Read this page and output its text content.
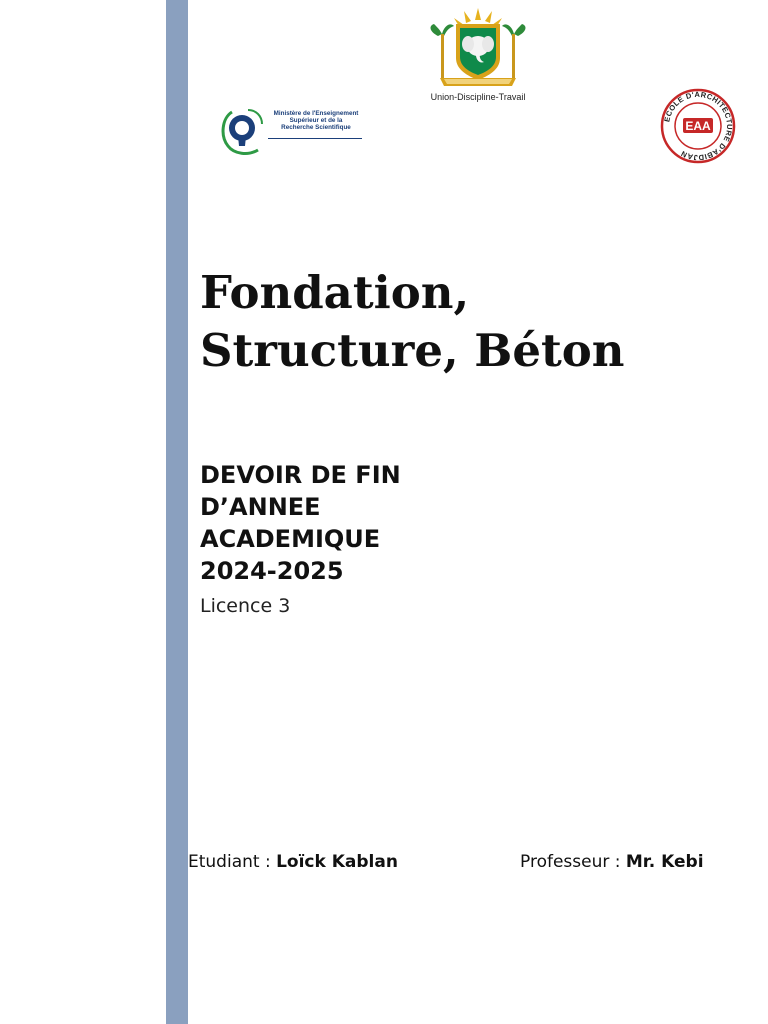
Union-Discipline-Travail
Ministère de l'Enseignement
Supérieur et de la
Recherche Scientifique
ECOLE D'ARCHITECTURE D'ABIDJAN
EAA
Fondation,
Structure, Béton
DEVOIR DE FIN
D’ANNEE
ACADEMIQUE
2024-2025
Licence 3
Etudiant : Loïck Kablan	Professeur : Mr. Kebi
